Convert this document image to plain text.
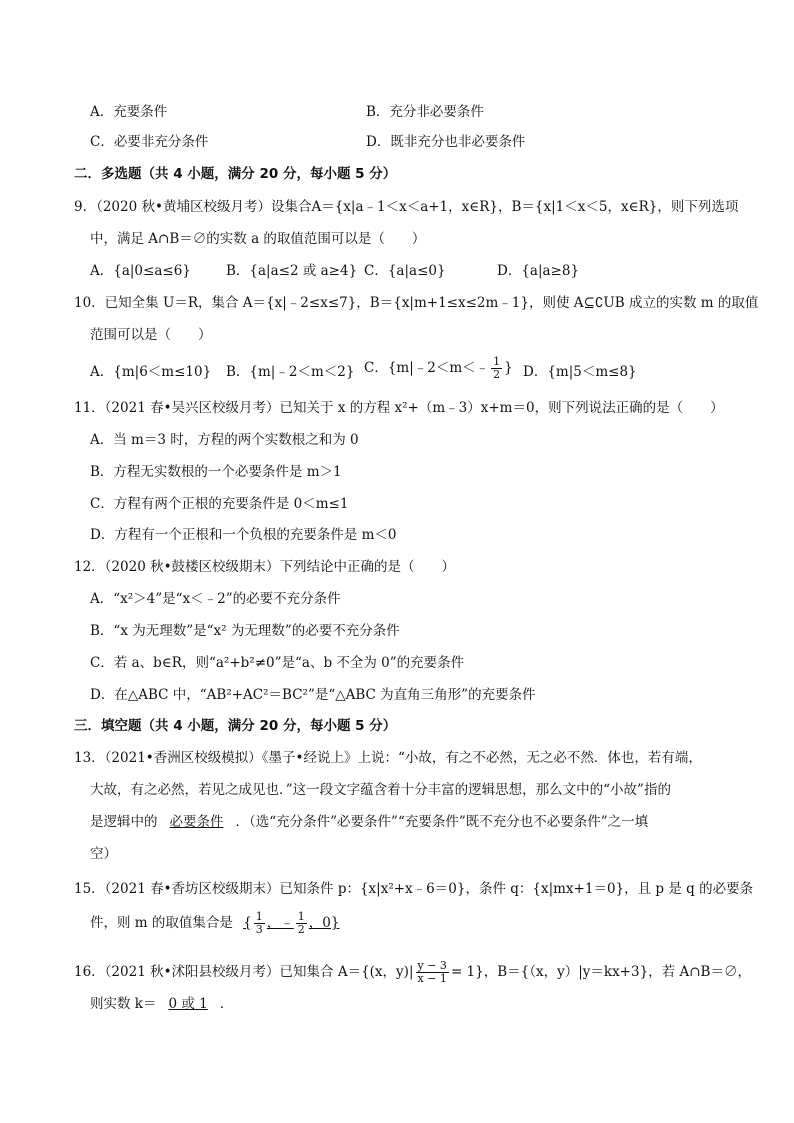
A．充要条件	B．充分非必要条件
C．必要非充分条件	D．既非充分也非必要条件
二．多选题（共 4 小题，满分 20 分，每小题 5 分）
9．（2020 秋•黄埔区校级月考）设集合A＝{x|a﹣1＜x＜a+1，x∈R}，B＝{x|1＜x＜5，x∈R}，则下列选项
中，满足 A∩B＝∅的实数 a 的取值范围可以是（　　）
A．{a|0≤a≤6}	B．{a|a≤2 或 a≥4} C．{a|a≤0}	D．{a|a≥8}
10．已知全集 U＝R，集合 A＝{x|﹣2≤x≤7}，B＝{x|m+1≤x≤2m﹣1}，则使 A⊆∁UB 成立的实数 m 的取值
范围可以是（　　）
A．{m|6＜m≤10} B．{m|﹣2＜m＜2} C．{m|﹣2＜m＜﹣ $\frac{1}{2}$ } D．{m|5＜m≤8}
11．（2021 春•吴兴区校级月考）已知关于 x 的方程 x²+（m﹣3）x+m＝0，则下列说法正确的是（　　）
A．当 m＝3 时，方程的两个实数根之和为 0
B．方程无实数根的一个必要条件是 m＞1
C．方程有两个正根的充要条件是 0＜m≤1
D．方程有一个正根和一个负根的充要条件是 m＜0
12．（2020 秋•鼓楼区校级期末）下列结论中正确的是（　　）
A．“x²＞4”是“x＜﹣2”的必要不充分条件
B．“x 为无理数”是“x² 为无理数”的必要不充分条件
C．若 a、b∈R，则“a²+b²≠0”是“a、b 不全为 0”的充要条件
D．在△ABC 中，“AB²+AC²＝BC²”是“△ABC 为直角三角形”的充要条件
三．填空题（共 4 小题，满分 20 分，每小题 5 分）
13．（2021•香洲区校级模拟）《墨子•经说上》上说：“小故，有之不必然，无之必不然．体也，若有端，
大故，有之必然，若见之成见也．”这一段文字蕴含着十分丰富的逻辑思想，那么文中的“小故”指的
是逻辑中的 必要条件 ．（选“充分条件”必要条件”“充要条件”既不充分也不必要条件”之一填
空）
15．（2021 春•香坊区校级期末）已知条件 p：{x|x²+x﹣6＝0}，条件 q：{x|mx+1＝0}，且 p 是 q 的必要条
件，则 m 的取值集合是 { $\frac{1}{3}$ ，﹣ $\frac{1}{2}$ ，0}
16．（2021 秋•沭阳县校级月考）已知集合 A＝{(x，$y)| \frac{y - 3}{x - 1} = 1$}，B＝{（x，y）|y＝kx+3}，若 A∩B＝∅，
则实数 k＝ 0 或 1 ．
